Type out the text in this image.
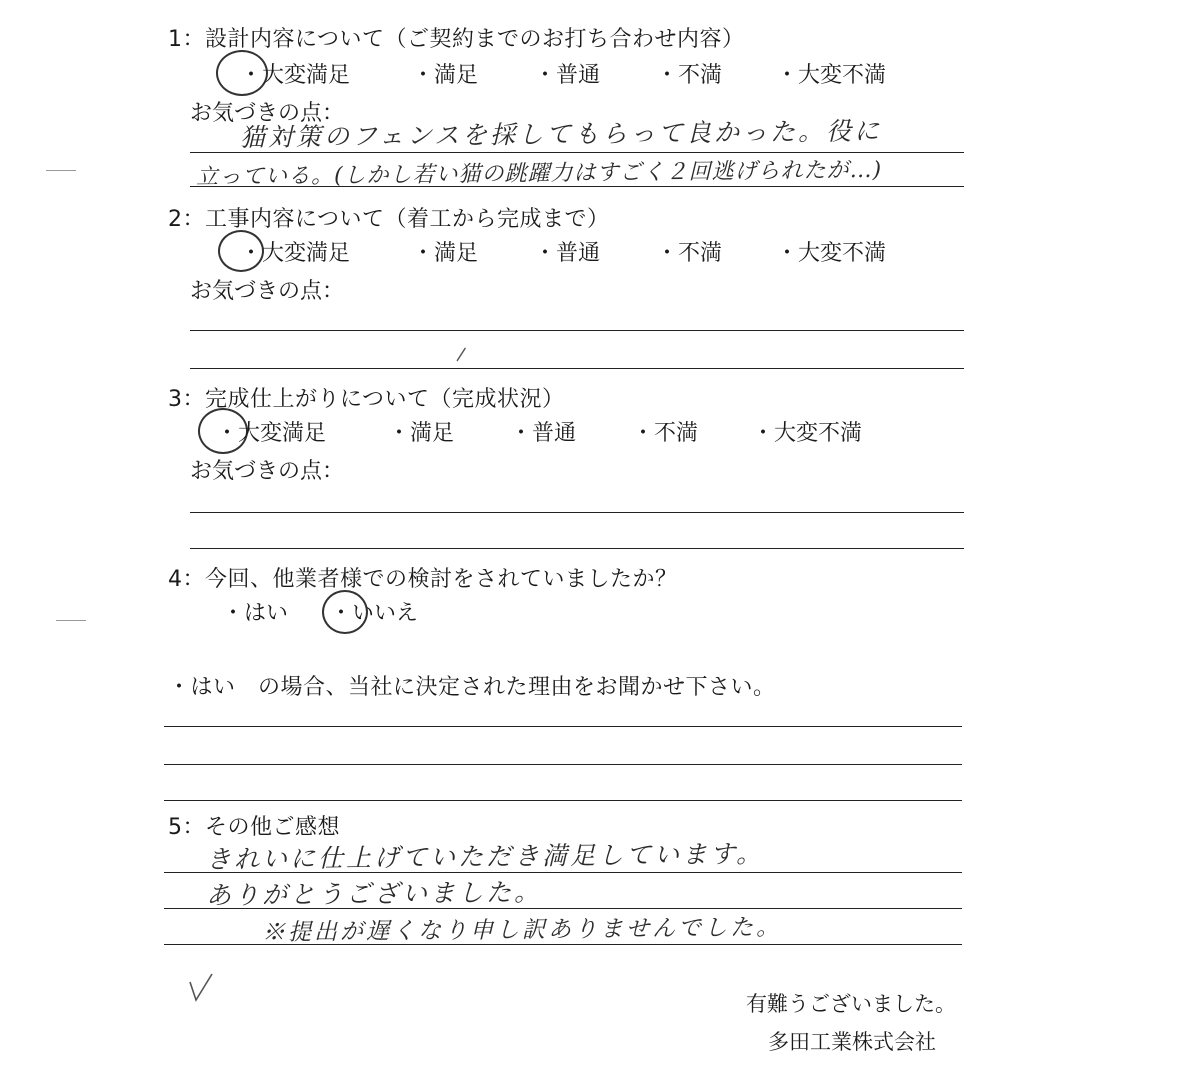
1：設計内容について（ご契約までのお打ち合わせ内容）
・大変満足	・満足	・普通	・不満 ・大変不満
お気づきの点：
猫対策のフェンスを採してもらって良かった。役に
立っている。(しかし若い猫の跳躍力はすごく２回逃げられたが…)
2：工事内容について（着工から完成まで）
・大変満足	・満足	・普通	・不満 ・大変不満
お気づきの点：
\
3：完成仕上がりについて（完成状況）
・大変満足	・満足	・普通	・不満 ・大変不満
お気づきの点：
4：今回、他業者様での検討をされていましたか？
・はい ・いいえ
・はい　の場合、当社に決定された理由をお聞かせ下さい。
5：その他ご感想
きれいに仕上げていただき満足しています。
ありがとうございました。
※提出が遅くなり申し訳ありませんでした。
有難うございました。
多田工業株式会社
